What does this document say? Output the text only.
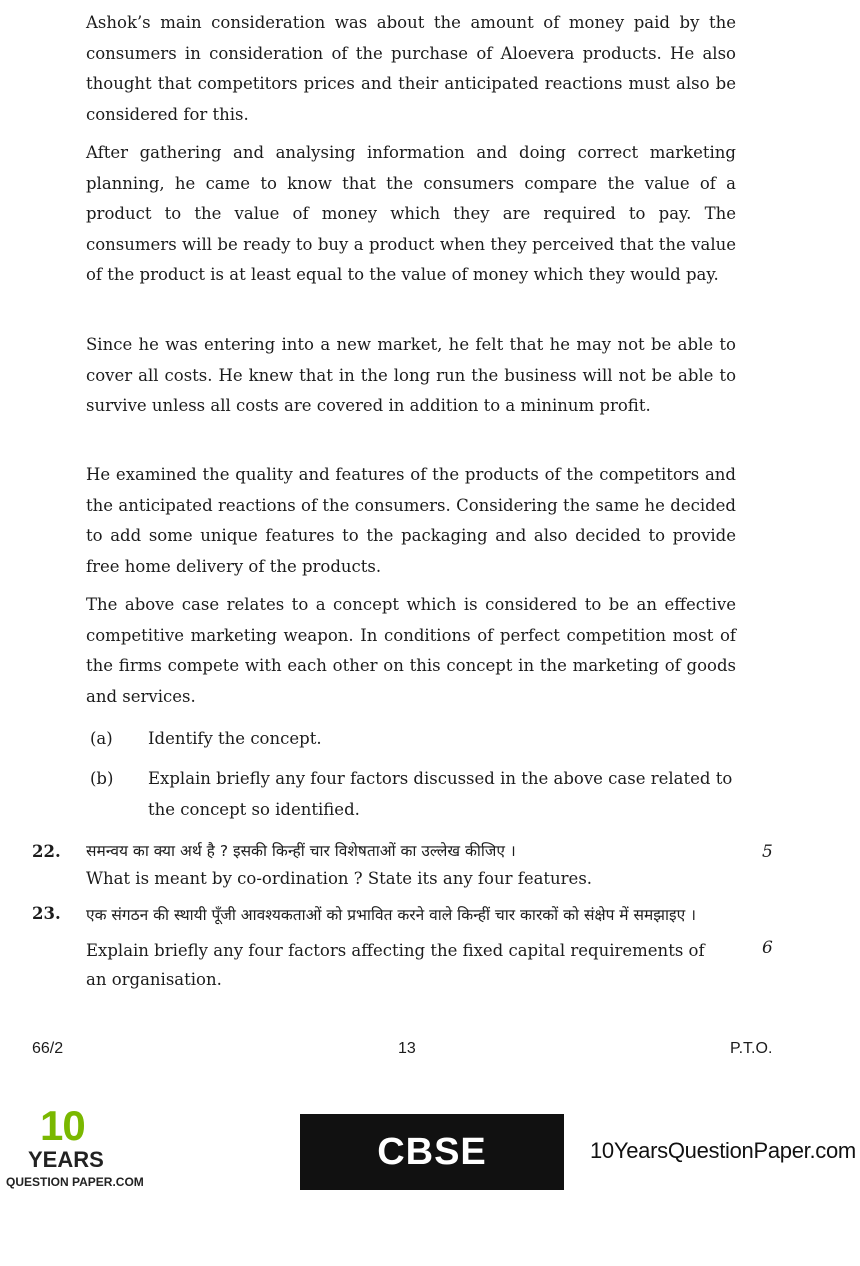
Ashok’s main consideration was about the amount of money paid by the consumers in consideration of the purchase of Aloevera products. He also thought that competitors prices and their anticipated reactions must also be considered for this.

After gathering and analysing information and doing correct marketing planning, he came to know that the consumers compare the value of a product to the value of money which they are required to pay. The consumers will be ready to buy a product when they perceived that the value of the product is at least equal to the value of money which they would pay.

Since he was entering into a new market, he felt that he may not be able to cover all costs. He knew that in the long run the business will not be able to survive unless all costs are covered in addition to a mininum profit.

He examined the quality and features of the products of the competitors and the anticipated reactions of the consumers. Considering the same he decided to add some unique features to the packaging and also decided to provide free home delivery of the products.

The above case relates to a concept which is considered to be an effective competitive marketing weapon. In conditions of perfect competition most of the firms compete with each other on this concept in the marketing of goods and services.

(a) Identify the concept.
(b) Explain briefly any four factors discussed in the above case related to the concept so identified.
22. समन्वय का क्या अर्थ है ? इसकी किन्हीं चार विशेषताओं का उल्लेख कीजिए ।
What is meant by co-ordination ? State its any four features.
5
23. एक संगठन की स्थायी पूँजी आवश्यकताओं को प्रभावित करने वाले किन्हीं चार कारकों को संक्षेप में समझाइए ।
Explain briefly any four factors affecting the fixed capital requirements of an organisation.
6
66/2	13	P.T.O.
10
YEARS
QUESTION PAPER.COM
CBSE BOARD XII
10YearsQuestionPaper.com
